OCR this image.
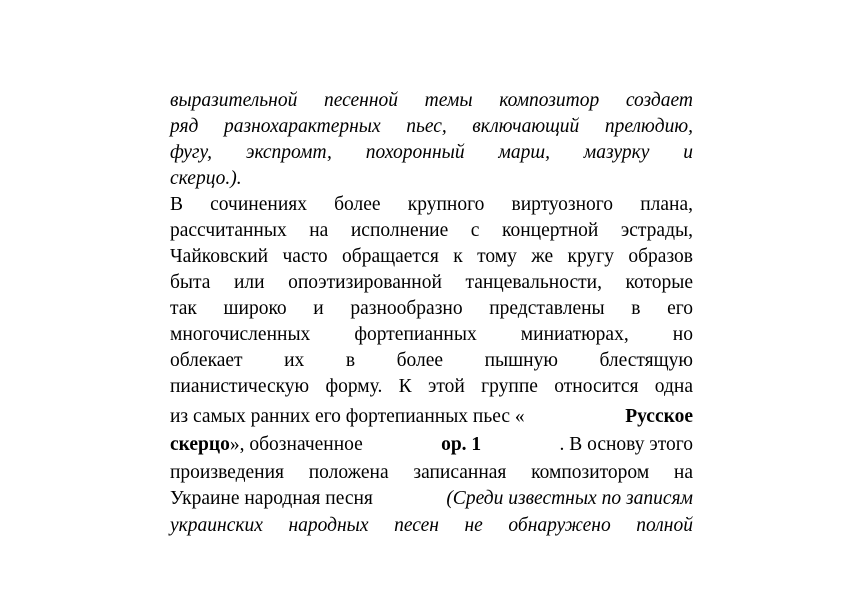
выразительной песенной темы композитор создает

ряд разнохарактерных пьес, включающий прелюдию,

фугу, экспромт, похоронный марш, мазурку и

скерцо.).

В сочинениях более крупного виртуозного плана,

рассчитанных на исполнение с концертной эстрады,

Чайковский часто обращается к тому же кругу образов

быта или опоэтизированной танцевальности, которые

так широко и разнообразно представлены в его

многочисленных фортепианных миниатюрах, но

облекает их в более пышную блестящую

пианистическую форму. К этой группе относится одна

из самых ранних его фортепианных пьес «	Русское
скерцо», обозначенное	ор. 1	. В основу этого

произведения положена записанная композитором на

Украине народная песня	(Среди известных по записям

украинских народных песен не обнаружено полной
